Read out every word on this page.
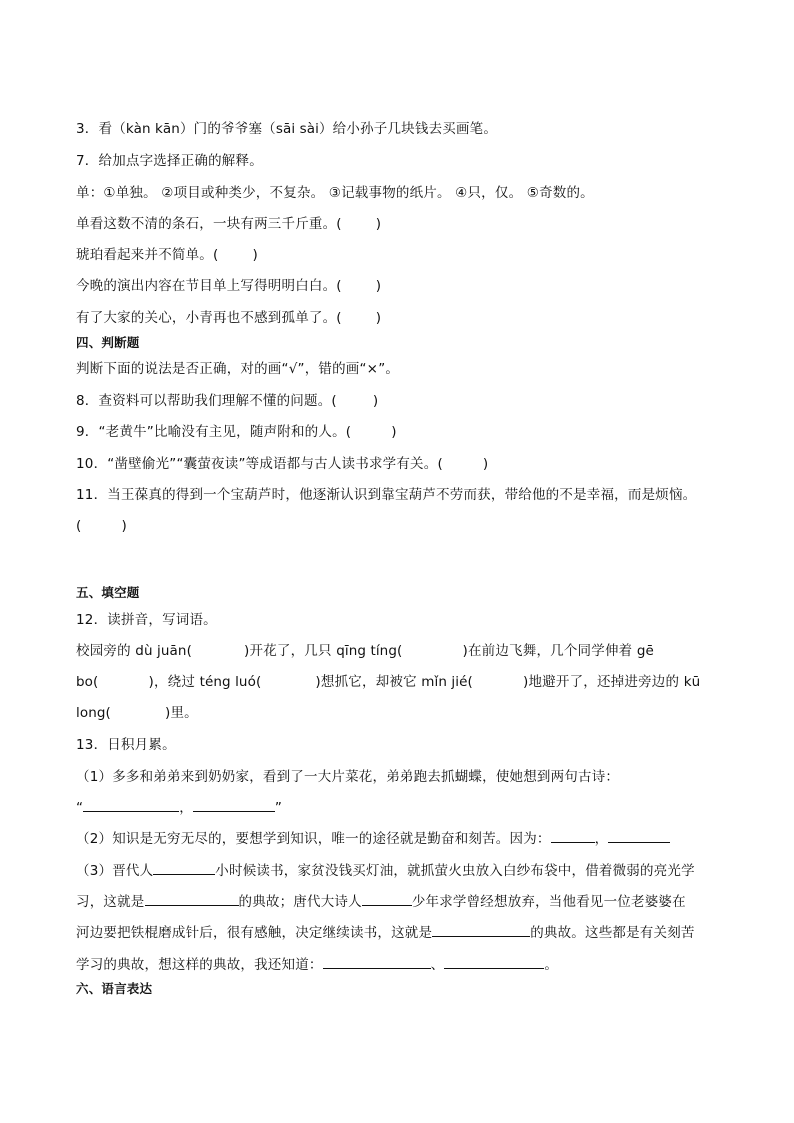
3．看（kàn kān）门的爷爷塞（sāi sài）给小孙子几块钱去买画笔。
7．给加点字选择正确的解释。
单：①单独。 ②项目或种类少，不复杂。 ③记载事物的纸片。 ④只，仅。 ⑤奇数的。
单看这数不清的条石，一块有两三千斤重。(	)
琥珀看起来并不简单。(	)
今晚的演出内容在节目单上写得明明白白。(	)
有了大家的关心，小青再也不感到孤单了。(	)
四、判断题
判断下面的说法是否正确，对的画“√”，错的画“×”。
8．查资料可以帮助我们理解不懂的问题。(	)
9．“老黄牛”比喻没有主见，随声附和的人。(	)
10．“凿壁偷光”“囊萤夜读”等成语都与古人读书求学有关。(	)
11．当王葆真的得到一个宝葫芦时，他逐渐认识到靠宝葫芦不劳而获，带给他的不是幸福，而是烦恼。
(	)
五、填空题
12．读拼音，写词语。
校园旁的 dù juān(	)开花了，几只 qīng tíng(	)在前边飞舞，几个同学伸着 gē
bo(	)，绕过 téng luó(	)想抓它，却被它 mǐn jié(	)地避开了，还掉进旁边的 kū
long(	)里。
13．日积月累。
（1）多多和弟弟来到奶奶家，看到了一大片菜花，弟弟跑去抓蝴蝶，使她想到两句古诗：
“	，	”
（2）知识是无穷无尽的，要想学到知识，唯一的途径就是勤奋和刻苦。因为：	，
（3）晋代人	小时候读书，家贫没钱买灯油，就抓萤火虫放入白纱布袋中，借着微弱的亮光学
习，这就是	的典故；唐代大诗人	少年求学曾经想放弃，当他看见一位老婆婆在
河边要把铁棍磨成针后，很有感触，决定继续读书，这就是	的典故。这些都是有关刻苦
学习的典故，想这样的典故，我还知道：	、	。
六、语言表达
